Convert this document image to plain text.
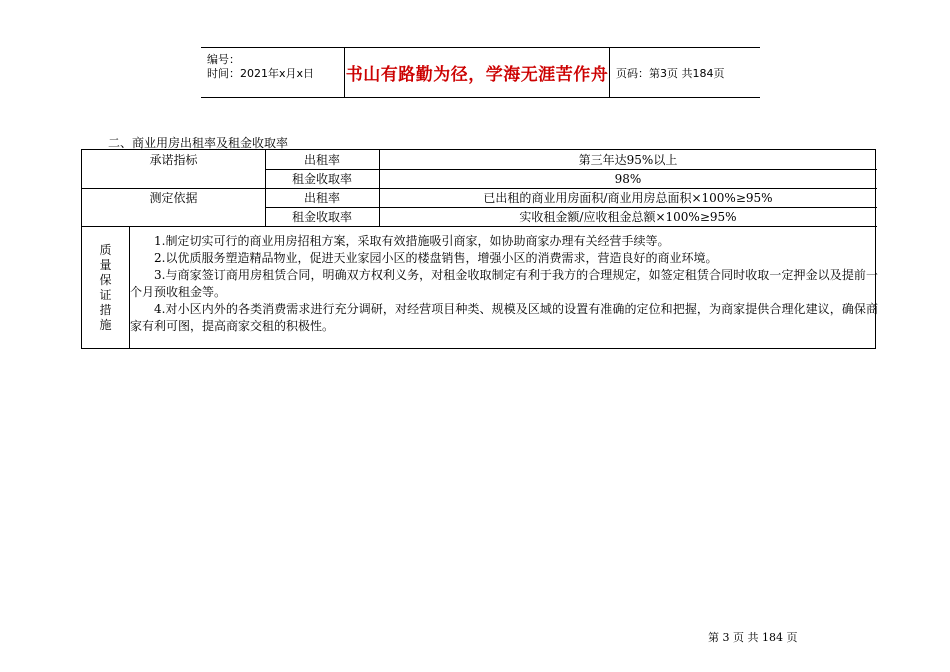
编号：
时间：2021年x月x日 书山有路勤为径，学海无涯苦作舟 页码：第3页 共184页
二、商业用房出租率及租金收取率
承诺指标
测定依据
出租率
租金收取率
出租率
租金收取率
第三年达95%以上
98%
已出租的商业用房面积/商业用房总面积×100%≥95%
实收租金额/应收租金总额×100%≥95%
质
量
保
证
措
施

1.制定切实可行的商业用房招租方案，采取有效措施吸引商家，如协助商家办理有关经营手续等。

2.以优质服务塑造精品物业，促进天业家园小区的楼盘销售，增强小区的消费需求，营造良好的商业环境。

3.与商家签订商用房租赁合同，明确双方权利义务，对租金收取制定有利于我方的合理规定，如签定租赁合同时收取一定押金以及提前一个月预收租金等。

4.对小区内外的各类消费需求进行充分调研，对经营项目种类、规模及区域的设置有准确的定位和把握，为商家提供合理化建议，确保商家有利可图，提高商家交租的积极性。

第 3 页 共 184 页
